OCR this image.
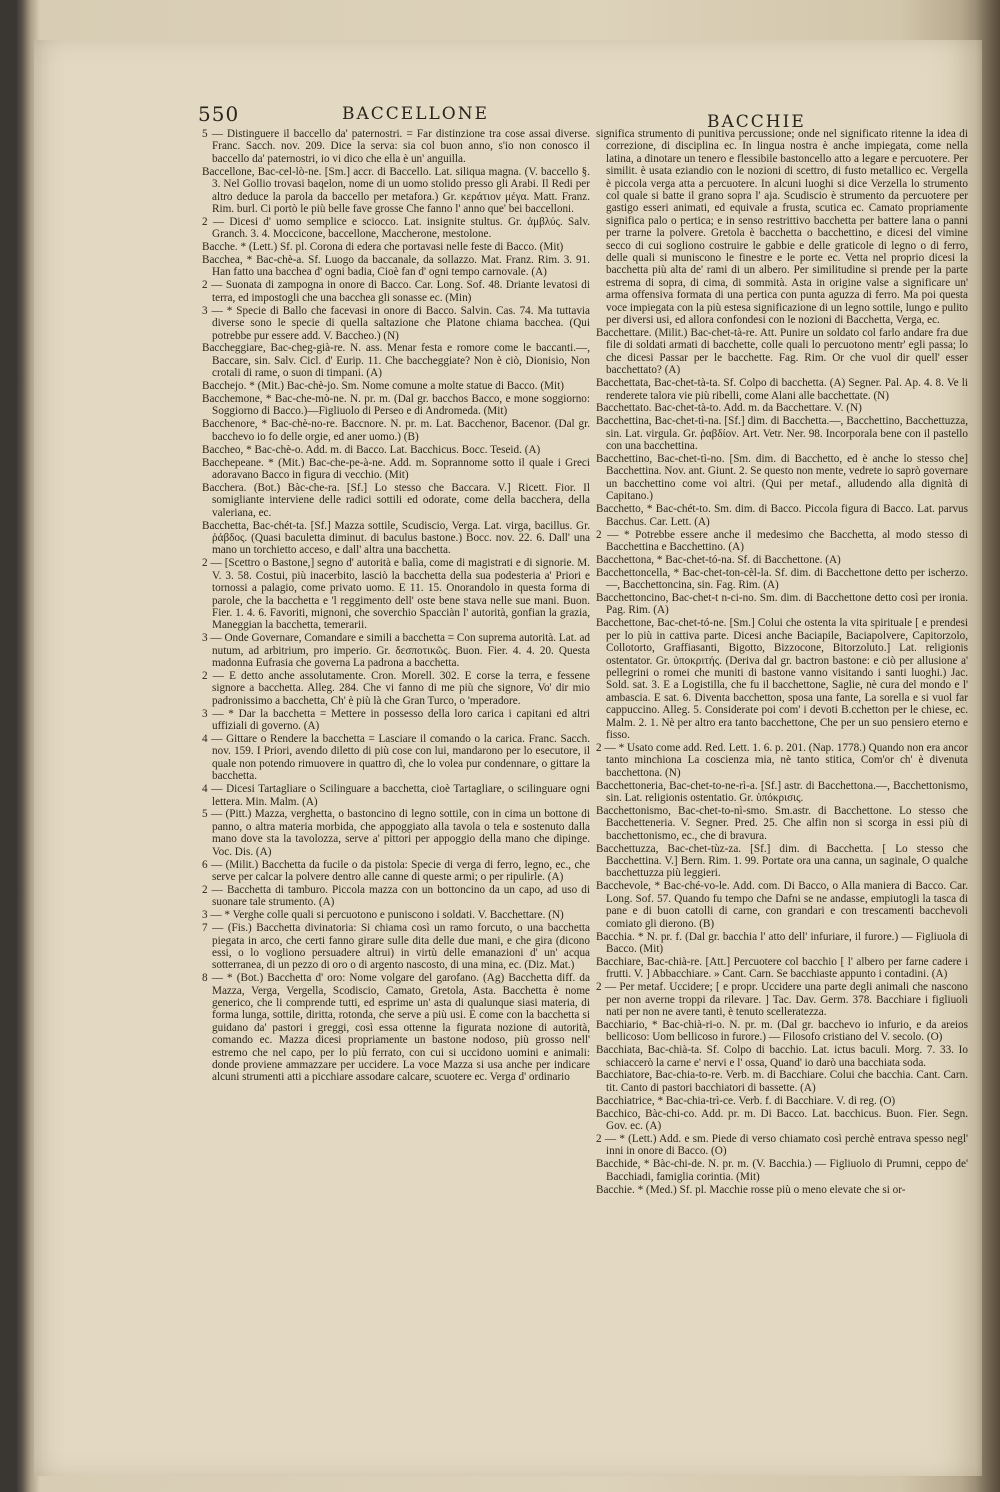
550	BACCELLONE	BACCHIE

5 — Distinguere il baccello da' paternostri. = Far distinzione tra cose assai diverse. Franc. Sacch. nov. 209. Dice la serva: sia col buon anno, s'io non conosco il baccello da' paternostri, io vi dico che ella è un' anguilla.

Baccellone, Bac-cel-lò-ne. [Sm.] accr. di Baccello. Lat. siliqua magna. (V. baccello §. 3. Nel Gollio trovasi baqelon, nome di un uomo stolido presso gli Arabi. Il Redi per altro deduce la parola da baccello per metafora.) Gr. κεράτιον μέγα. Matt. Franz. Rim. burl. Ci portò le più belle fave grosse Che fanno l' anno que' bei baccelloni.

2 — Dicesi d' uomo semplice e sciocco. Lat. insignite stultus. Gr. ἀμβλύς. Salv. Granch. 3. 4. Moccicone, baccellone, Maccherone, mestolone.

Bacche. * (Lett.) Sf. pl. Corona di edera che portavasi nelle feste di Bacco. (Mit)

Bacchea, * Bac-chè-a. Sf. Luogo da baccanale, da sollazzo. Mat. Franz. Rim. 3. 91. Han fatto una bacchea d' ogni badia, Cioè fan d' ogni tempo carnovale. (A)

2 — Suonata di zampogna in onore di Bacco. Car. Long. Sof. 48. Driante levatosi di terra, ed impostogli che una bacchea gli sonasse ec. (Min)

3 — * Specie di Ballo che facevasi in onore di Bacco. Salvin. Cas. 74. Ma tuttavia diverse sono le specie di quella saltazione che Platone chiama bacchea. (Qui potrebbe pur essere add. V. Baccheo.) (N)

Baccheggiare, Bac-cheg-già-re. N. ass. Menar festa e romore come le baccanti.—, Baccare, sin. Salv. Cicl. d' Eurip. 11. Che baccheggiate? Non è ciò, Dionisio, Non crotali di rame, o suon di timpani. (A)

Bacchejo. * (Mit.) Bac-chè-jo. Sm. Nome comune a molte statue di Bacco. (Mit)

Bacchemone, * Bac-che-mò-ne. N. pr. m. (Dal gr. bacchos Bacco, e mone soggiorno: Soggiorno di Bacco.)—Figliuolo di Perseo e di Andromeda. (Mit)

Bacchenore, * Bac-chè-no-re. Baccnore. N. pr. m. Lat. Bacchenor, Bacenor. (Dal gr. bacchevo io fo delle orgie, ed aner uomo.) (B)

Baccheo, * Bac-chè-o. Add. m. di Bacco. Lat. Bacchicus. Bocc. Teseid. (A)

Bacchepeane. * (Mit.) Bac-che-pe-à-ne. Add. m. Soprannome sotto il quale i Greci adoravano Bacco in figura di vecchio. (Mit)

Bacchera. (Bot.) Bàc-che-ra. [Sf.] Lo stesso che Baccara. V.] Ricett. Fior. Il somigliante interviene delle radici sottili ed odorate, come della bacchera, della valeriana, ec.

Bacchetta, Bac-chét-ta. [Sf.] Mazza sottile, Scudiscio, Verga. Lat. virga, bacillus. Gr. ῥάβδος. (Quasi baculetta diminut. di baculus bastone.) Bocc. nov. 22. 6. Dall' una mano un torchietto acceso, e dall' altra una bacchetta.

2 — [Scettro o Bastone,] segno d' autorità e balìa, come di magistrati e di signorie. M. V. 3. 58. Costui, più inacerbito, lasciò la bacchetta della sua podesteria a' Priori e tornossi a palagio, come privato uomo. E 11. 15. Onorandolo in questa forma di parole, che la bacchetta e 'l reggimento dell' oste bene stava nelle sue mani. Buon. Fier. 1. 4. 6. Favoriti, mignoni, che soverchio Spacciàn l' autorità, gonfian la grazia, Maneggian la bacchetta, temerarii.

3 — Onde Governare, Comandare e simili a bacchetta = Con suprema autorità. Lat. ad nutum, ad arbitrium, pro imperio. Gr. δεσποτικῶς. Buon. Fier. 4. 4. 20. Questa madonna Eufrasia che governa La padrona a bacchetta.

2 — E detto anche assolutamente. Cron. Morell. 302. E corse la terra, e fessene signore a bacchetta. Alleg. 284. Che vi fanno di me più che signore, Vo' dir mio padronissimo a bacchetta, Ch' è più là che Gran Turco, o 'mperadore.

3 — * Dar la bacchetta = Mettere in possesso della loro carica i capitani ed altri uffiziali di governo. (A)

4 — Gittare o Rendere la bacchetta = Lasciare il comando o la carica. Franc. Sacch. nov. 159. I Priori, avendo diletto di più cose con lui, mandarono per lo esecutore, il quale non potendo rimuovere in quattro dì, che lo volea pur condennare, o gittare la bacchetta.

4 — Dicesi Tartagliare o Scilinguare a bacchetta, cioè Tartagliare, o scilinguare ogni lettera. Min. Malm. (A)

5 — (Pitt.) Mazza, verghetta, o bastoncino di legno sottile, con in cima un bottone di panno, o altra materia morbida, che appoggiato alla tavola o tela e sostenuto dalla mano dove sta la tavolozza, serve a' pittori per appoggio della mano che dipinge. Voc. Dis. (A)

6 — (Milit.) Bacchetta da fucile o da pistola: Specie di verga di ferro, legno, ec., che serve per calcar la polvere dentro alle canne di queste armi; o per ripulirle. (A)

2 — Bacchetta di tamburo. Piccola mazza con un bottoncino da un capo, ad uso di suonare tale strumento. (A)

3 — * Verghe colle quali si percuotono e puniscono i soldati. V. Bacchettare. (N)

7 — (Fis.) Bacchetta divinatoria: Si chiama così un ramo forcuto, o una bacchetta piegata in arco, che certi fanno girare sulle dita delle due mani, e che gira (dicono essi, o lo vogliono persuadere altrui) in virtù delle emanazioni d' un' acqua sotterranea, di un pezzo di oro o di argento nascosto, di una mina, ec. (Diz. Mat.)

8 — * (Bot.) Bacchetta d' oro: Nome volgare del garofano. (Ag) Bacchetta diff. da Mazza, Verga, Vergella, Scodiscio, Camato, Gretola, Asta. Bacchetta è nome generico, che li comprende tutti, ed esprime un' asta di qualunque siasi materia, di forma lunga, sottile, diritta, rotonda, che serve a più usi. E come con la bacchetta si guidano da' pastori i greggi, così essa ottenne la figurata nozione di autorità, comando ec. Mazza dicesi propriamente un bastone nodoso, più grosso nell' estremo che nel capo, per lo più ferrato, con cui si uccidono uomini e animali: donde proviene ammazzare per uccidere. La voce Mazza si usa anche per indicare alcuni strumenti atti a picchiare assodare calcare, scuotere ec. Verga d' ordinario

significa strumento di punitiva percussione; onde nel significato ritenne la idea di correzione, di disciplina ec. In lingua nostra è anche impiegata, come nella latina, a dinotare un tenero e flessibile bastoncello atto a legare e percuotere. Per similit. è usata eziandio con le nozioni di scettro, di fusto metallico ec. Vergella è piccola verga atta a percuotere. In alcuni luoghi si dice Verzella lo strumento col quale si batte il grano sopra l' aja. Scudiscio è strumento da percuotere per gastigo esseri animati, ed equivale a frusta, scutica ec. Camato propriamente significa palo o pertica; e in senso restrittivo bacchetta per battere lana o panni per trarne la polvere. Gretola è bacchetta o bacchettino, e dicesi del vimine secco di cui sogliono costruire le gabbie e delle graticole di legno o di ferro, delle quali si muniscono le finestre e le porte ec. Vetta nel proprio dicesi la bacchetta più alta de' rami di un albero. Per similitudine si prende per la parte estrema di sopra, di cima, di sommità. Asta in origine valse a significare un' arma offensiva formata di una pertica con punta aguzza di ferro. Ma poi questa voce impiegata con la più estesa significazione di un legno sottile, lungo e pulito per diversi usi, ed allora confondesi con le nozioni di Bacchetta, Verga, ec.

Bacchettare. (Milit.) Bac-chet-tà-re. Att. Punire un soldato col farlo andare fra due file di soldati armati di bacchette, colle quali lo percuotono mentr' egli passa; lo che dicesi Passar per le bacchette. Fag. Rim. Or che vuol dir quell' esser bacchettato? (A)

Bacchettata, Bac-chet-tà-ta. Sf. Colpo di bacchetta. (A) Segner. Pal. Ap. 4. 8. Ve li renderete talora vie più ribelli, come Alani alle bacchettate. (N)

Bacchettato. Bac-chet-tà-to. Add. m. da Bacchettare. V. (N)

Bacchettina, Bac-chet-tì-na. [Sf.] dim. di Bacchetta.—, Bacchettino, Bacchettuzza, sin. Lat. virgula. Gr. ῥαβδίον. Art. Vetr. Ner. 98. Incorporala bene con il pastello con una bacchettina.

Bacchettino, Bac-chet-tì-no. [Sm. dim. di Bacchetto, ed è anche lo stesso che] Bacchettina. Nov. ant. Giunt. 2. Se questo non mente, vedrete io saprò governare un bacchettino come voi altri. (Qui per metaf., alludendo alla dignità di Capitano.)

Bacchetto, * Bac-chét-to. Sm. dim. di Bacco. Piccola figura di Bacco. Lat. parvus Bacchus. Car. Lett. (A)

2 — * Potrebbe essere anche il medesimo che Bacchetta, al modo stesso di Bacchettina e Bacchettino. (A)

Bacchettona, * Bac-chet-tó-na. Sf. di Bacchettone. (A)

Bacchettoncella, * Bac-chet-ton-cèl-la. Sf. dim. di Bacchettone detto per ischerzo.—, Bacchettoncina, sin. Fag. Rim. (A)

Bacchettoncino, Bac-chet-t n-ci-no. Sm. dim. di Bacchettone detto così per ironia. Pag. Rim. (A)

Bacchettone, Bac-chet-tó-ne. [Sm.] Colui che ostenta la vita spirituale [ e prendesi per lo più in cattiva parte. Dicesi anche Baciapile, Baciapolvere, Capitorzolo, Collotorto, Graffiasanti, Bigotto, Bizzocone, Bitorzoluto.] Lat. religionis ostentator. Gr. ὑποκριτής. (Deriva dal gr. bactron bastone: e ciò per allusione a' pellegrini o romei che muniti di bastone vanno visitando i santi luoghi.) Jac. Sold. sat. 3. E a Logistilla, che fu il bacchettone, Saglie, nè cura del mondo e l' ambascia. E sat. 6. Diventa bacchetton, sposa una fante, La sorella e si vuol far cappuccino. Alleg. 5. Considerate poi com' i devoti B.cchetton per le chiese, ec. Malm. 2. 1. Nè per altro era tanto bacchettone, Che per un suo pensiero eterno e fisso.

2 — * Usato come add. Red. Lett. 1. 6. p. 201. (Nap. 1778.) Quando non era ancor tanto minchiona La coscienza mia, nè tanto stitica, Com'or ch' è divenuta bacchettona. (N)

Bacchettoneria, Bac-chet-to-ne-rì-a. [Sf.] astr. di Bacchettona.—, Bacchettonismo, sin. Lat. religionis ostentatio. Gr. ὑπόκρισις.

Bacchettonismo, Bac-chet-to-nì-smo. Sm.astr. di Bacchettone. Lo stesso che Bacchetteneria. V. Segner. Pred. 25. Che alfin non si scorga in essi più di bacchettonismo, ec., che di bravura.

Bacchettuzza, Bac-chet-tùz-za. [Sf.] dim. di Bacchetta. [ Lo stesso che Bacchettina. V.] Bern. Rim. 1. 99. Portate ora una canna, un saginale, O qualche bacchettuzza più leggieri.

Bacchevole, * Bac-ché-vo-le. Add. com. Di Bacco, o Alla maniera di Bacco. Car. Long. Sof. 57. Quando fu tempo che Dafni se ne andasse, empiutogli la tasca di pane e di buon catolli di carne, con grandari e con trescamenti bacchevoli comiato gli dierono. (B)

Bacchia. * N. pr. f. (Dal gr. bacchia l' atto dell' infuriare, il furore.) — Figliuola di Bacco. (Mit)

Bacchiare, Bac-chià-re. [Att.] Percuotere col bacchio [ l' albero per farne cadere i frutti. V. ] Abbacchiare. » Cant. Carn. Se bacchiaste appunto i contadini. (A)

2 — Per metaf. Uccidere; [ e propr. Uccidere una parte degli animali che nascono per non averne troppi da rilevare. ] Tac. Dav. Germ. 378. Bacchiare i figliuoli nati per non ne avere tanti, è tenuto scelleratezza.

Bacchiario, * Bac-chià-ri-o. N. pr. m. (Dal gr. bacchevo io infurio, e da areios bellicoso: Uom bellicoso in furore.) — Filosofo cristiano del V. secolo. (O)

Bacchiata, Bac-chià-ta. Sf. Colpo di bacchio. Lat. ictus baculi. Morg. 7. 33. Io schiaccerò la carne e' nervi e l' ossa, Quand' io darò una bacchiata soda.

Bacchiatore, Bac-chia-to-re. Verb. m. di Bacchiare. Colui che bacchia. Cant. Carn. tit. Canto di pastori bacchiatori di bassette. (A)

Bacchiatrice, * Bac-chia-trì-ce. Verb. f. di Bacchiare. V. di reg. (O)

Bacchico, Bàc-chi-co. Add. pr. m. Di Bacco. Lat. bacchicus. Buon. Fier. Segn. Gov. ec. (A)

2 — * (Lett.) Add. e sm. Piede di verso chiamato così perchè entrava spesso negl' inni in onore di Bacco. (O)

Bacchide, * Bàc-chi-de. N. pr. m. (V. Bacchia.) — Figliuolo di Prumni, ceppo de' Bacchiadi, famiglia corintia. (Mit)

Bacchie. * (Med.) Sf. pl. Macchie rosse più o meno elevate che si or-
